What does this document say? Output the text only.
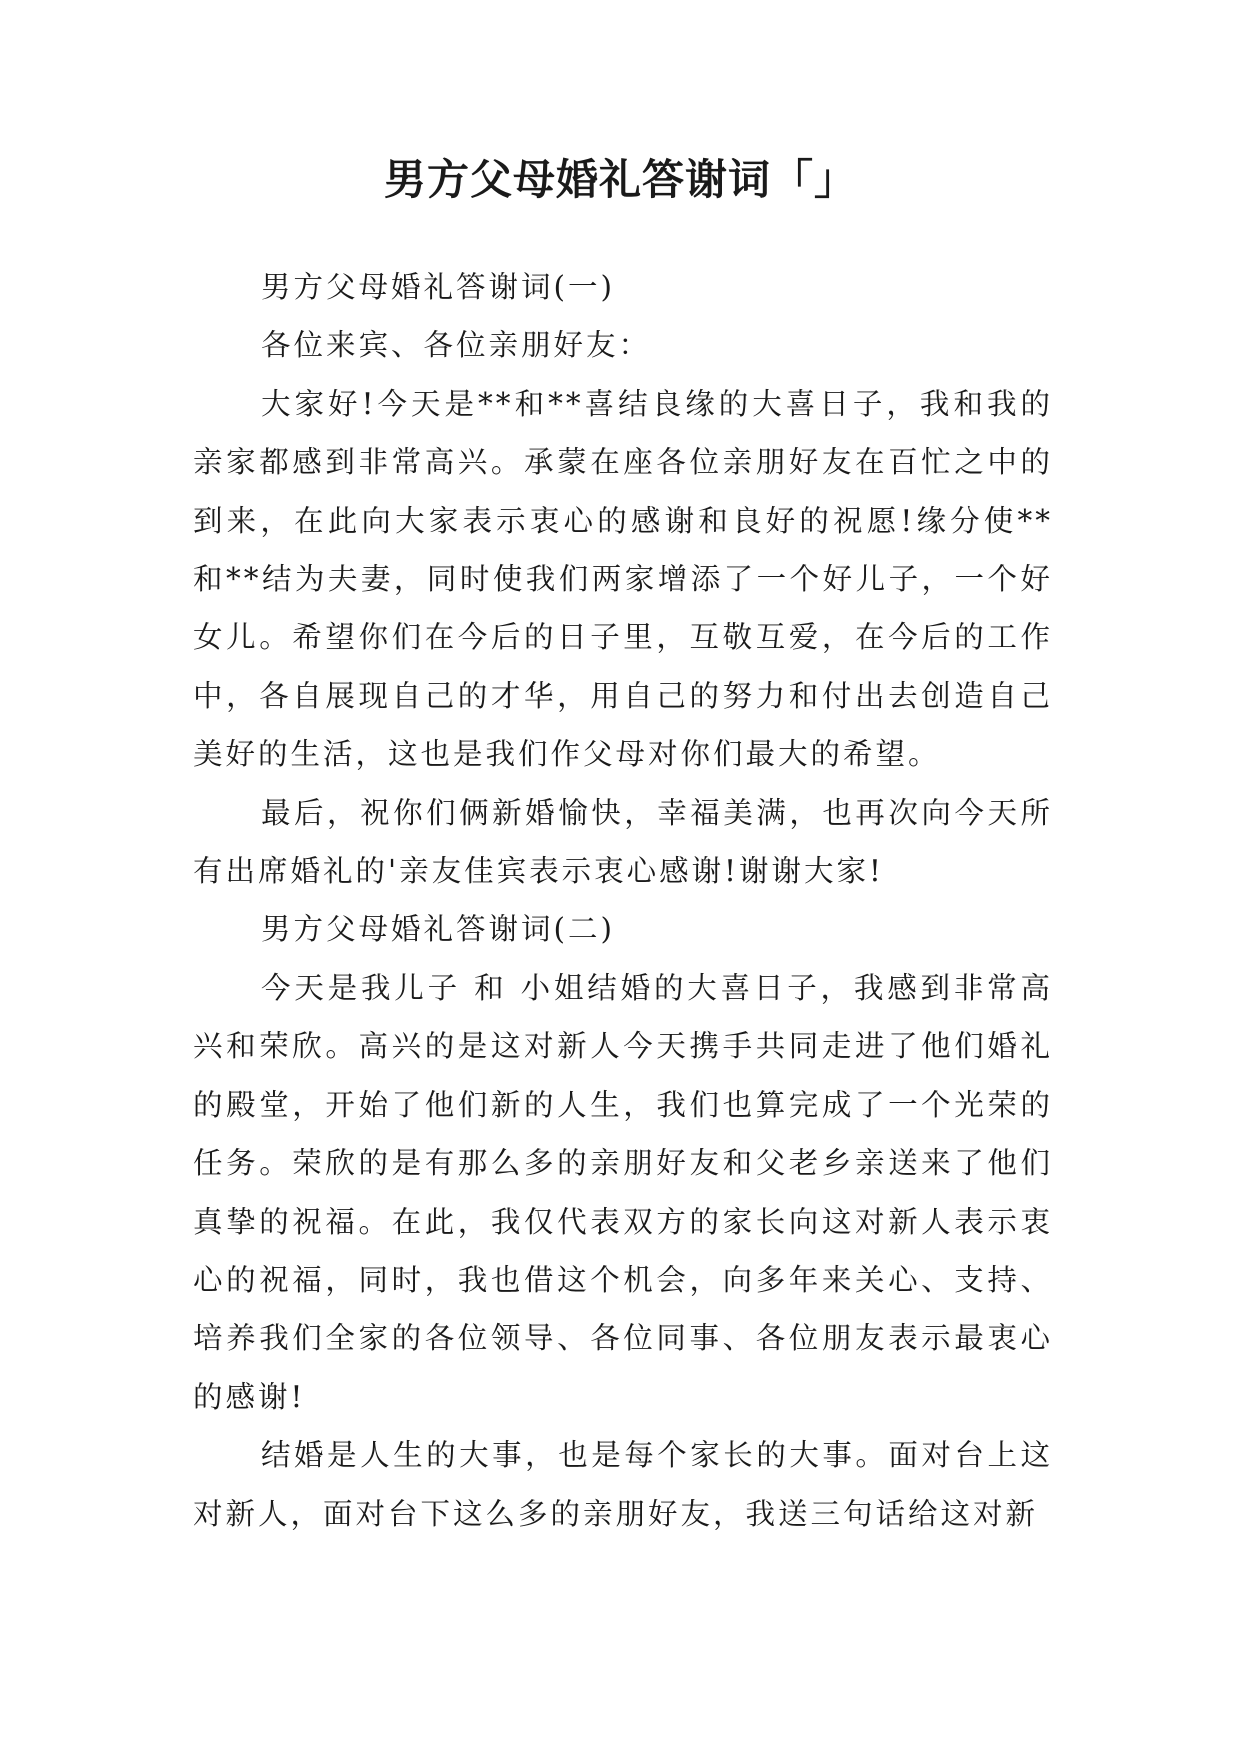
男方父母婚礼答谢词「」

男方父母婚礼答谢词(一)

各位来宾、各位亲朋好友：

大家好!今天是**和**喜结良缘的大喜日子，我和我的亲家都感到非常高兴。承蒙在座各位亲朋好友在百忙之中的到来，在此向大家表示衷心的感谢和良好的祝愿!缘分使**和**结为夫妻，同时使我们两家增添了一个好儿子，一个好女儿。希望你们在今后的日子里，互敬互爱，在今后的工作中，各自展现自己的才华，用自己的努力和付出去创造自己美好的生活，这也是我们作父母对你们最大的希望。

最后，祝你们俩新婚愉快，幸福美满，也再次向今天所有出席婚礼的'亲友佳宾表示衷心感谢!谢谢大家!

男方父母婚礼答谢词(二)

今天是我儿子 和 小姐结婚的大喜日子，我感到非常高兴和荣欣。高兴的是这对新人今天携手共同走进了他们婚礼的殿堂，开始了他们新的人生，我们也算完成了一个光荣的任务。荣欣的是有那么多的亲朋好友和父老乡亲送来了他们真挚的祝福。在此，我仅代表双方的家长向这对新人表示衷心的祝福，同时，我也借这个机会，向多年来关心、支持、培养我们全家的各位领导、各位同事、各位朋友表示最衷心的感谢!

结婚是人生的大事，也是每个家长的大事。面对台上这对新人，面对台下这么多的亲朋好友，我送三句话给这对新
